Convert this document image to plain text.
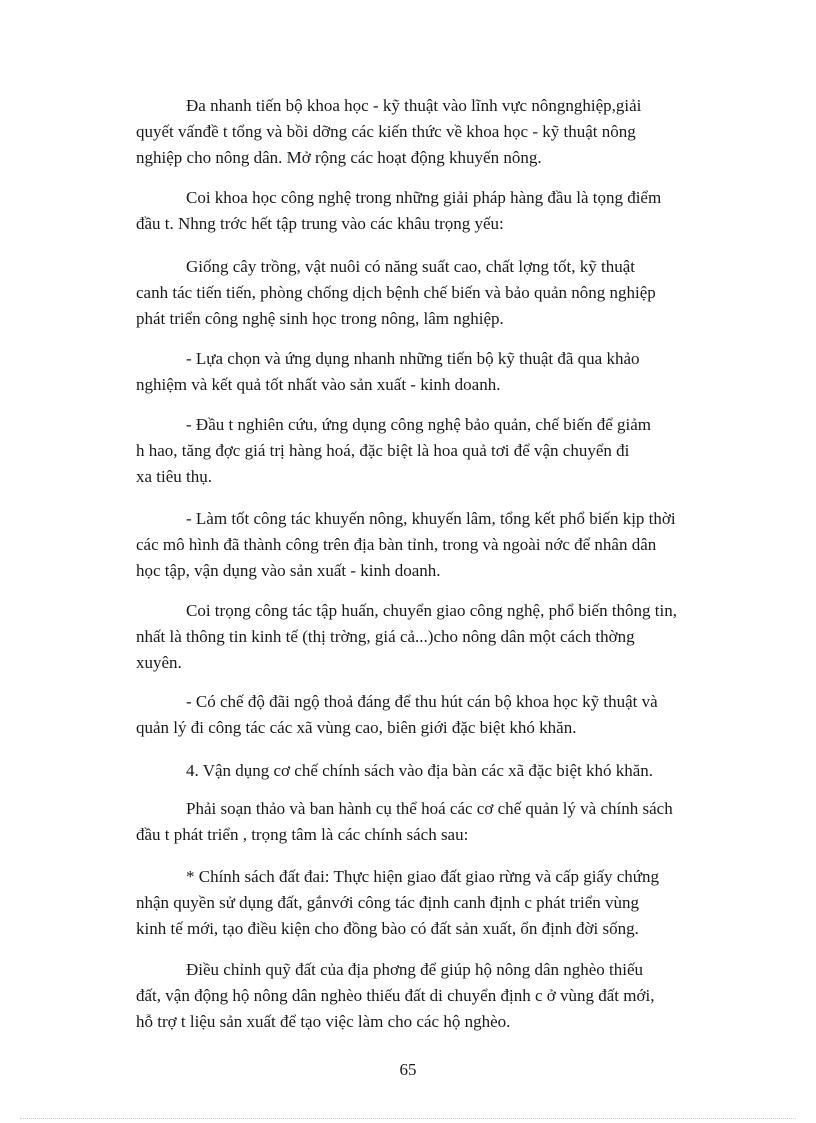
Đa nhanh tiến bộ khoa học - kỹ thuật vào lĩnh vực nôngnghiệp,giải
quyết vấnđề t tổng và bồi dỡng các kiến thức về khoa học - kỹ thuật nông
nghiệp cho nông dân. Mở rộng các hoạt động khuyến nông.

Coi khoa học công nghệ trong những giải pháp hàng đầu là tọng điểm
đầu t. Nhng trớc hết tập trung vào các khâu trọng yếu:

Giống cây trồng, vật nuôi có năng suất cao, chất lợng tốt, kỹ thuật
canh tác tiến tiến, phòng chống dịch bệnh chế biến và bảo quản nông nghiệp
phát triển công nghệ sinh học trong nông, lâm nghiệp.

- Lựa chọn và ứng dụng nhanh những tiến bộ kỹ thuật đã qua khảo
nghiệm và kết quả tốt nhất vào sản xuất - kinh doanh.

- Đầu t nghiên cứu, ứng dụng công nghệ bảo quản, chế biến để giảm
h hao, tăng đợc giá trị hàng hoá, đặc biệt là hoa quả tơi để vận chuyển đi
xa tiêu thụ.

- Làm tốt công tác khuyến nông, khuyến lâm, tổng kết phổ biến kịp thời
các mô hình đã thành công trên địa bàn tỉnh, trong và ngoài nớc để nhân dân
học tập, vận dụng vào sản xuất - kinh doanh.

Coi trọng công tác tập huấn, chuyển giao công nghệ, phổ biến thông tin,
nhất là thông tin kinh tế (thị trờng, giá cả...)cho nông dân một cách thờng
xuyên.

- Có chế độ đãi ngộ thoả đáng để thu hút cán bộ khoa học kỹ thuật và
quản lý đi công tác các xã vùng cao, biên giới đặc biệt khó khăn.

4. Vận dụng cơ chế chính sách vào địa bàn các xã đặc biệt khó khăn.

Phải soạn thảo và ban hành cụ thể hoá các cơ chế quản lý và chính sách
đầu t phát triển , trọng tâm là các chính sách sau:

* Chính sách đất đai: Thực hiện giao đất giao rừng và cấp giấy chứng
nhận quyền sử dụng đất, gắnvới công tác định canh định c phát triển vùng
kinh tế mới, tạo điều kiện cho đồng bào có đất sản xuất, ổn định đời sống.

Điều chỉnh quỹ đất của địa phơng để giúp hộ nông dân nghèo thiếu
đất, vận động hộ nông dân nghèo thiếu đất di chuyển định c ở vùng đất mới,
hỗ trợ t liệu sản xuất để tạo việc làm cho các hộ nghèo.

65
